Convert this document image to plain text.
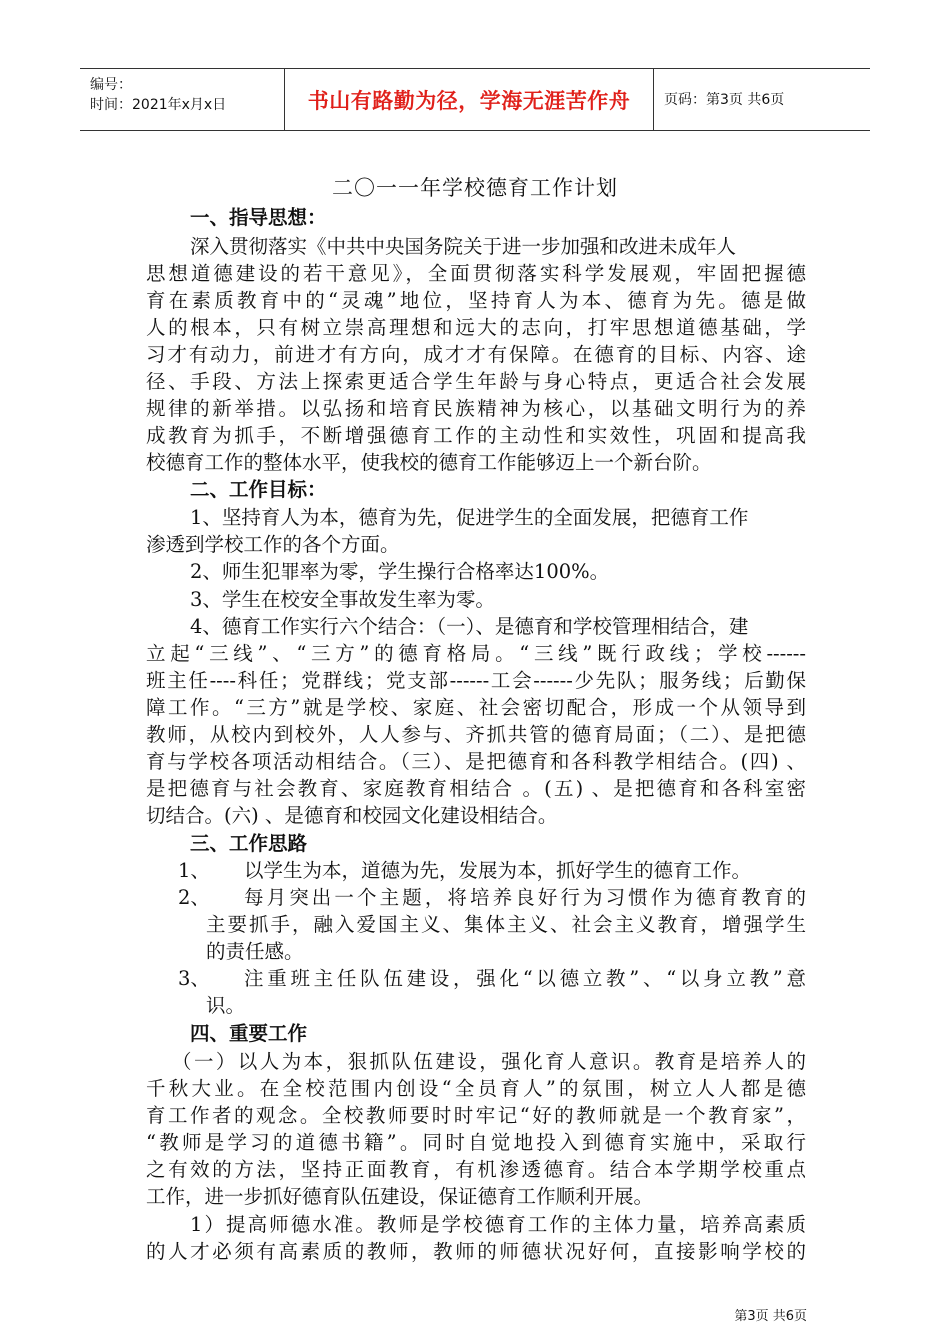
编号：
时间：2021年x月x日	书山有路勤为径，学海无涯苦作舟	页码：第3页 共6页
二〇一一年学校德育工作计划
一、指导思想：
深入贯彻落实《中共中央国务院关于进一步加强和改进未成年人
思想道德建设的若干意见》，全面贯彻落实科学发展观，牢固把握德
育在素质教育中的“灵魂”地位，坚持育人为本、德育为先。德是做
人的根本，只有树立崇高理想和远大的志向，打牢思想道德基础，学
习才有动力，前进才有方向，成才才有保障。在德育的目标、内容、途
径、手段、方法上探索更适合学生年龄与身心特点，更适合社会发展
规律的新举措。以弘扬和培育民族精神为核心，以基础文明行为的养
成教育为抓手，不断增强德育工作的主动性和实效性，巩固和提高我
校德育工作的整体水平，使我校的德育工作能够迈上一个新台阶。
二、工作目标：
1、坚持育人为本，德育为先，促进学生的全面发展，把德育工作
渗透到学校工作的各个方面。
2、师生犯罪率为零，学生操行合格率达100%。
3、学生在校安全事故发生率为零。
4、德育工作实行六个结合：（一）、是德育和学校管理相结合，建
立起“三线”、“三方”的德育格局。“三线”既行政线；学校------
班主任----科任；党群线；党支部------工会------少先队；服务线；后勤保
障工作。“三方”就是学校、家庭、社会密切配合，形成一个从领导到
教师，从校内到校外，人人参与、齐抓共管的德育局面；（二）、是把德
育与学校各项活动相结合。（三）、是把德育和各科教学相结合。(四) 、
是把德育与社会教育、家庭教育相结合 。(五) 、是把德育和各科室密
切结合。(六) 、是德育和校园文化建设相结合。
三、工作思路
1、 以学生为本，道德为先，发展为本，抓好学生的德育工作。
2、 每月突出一个主题，将培养良好行为习惯作为德育教育的
主要抓手，融入爱国主义、集体主义、社会主义教育，增强学生
的责任感。
3、 注重班主任队伍建设，强化“以德立教”、“以身立教”意
识。
四、重要工作
（一）以人为本，狠抓队伍建设，强化育人意识。教育是培养人的
千秋大业。在全校范围内创设“全员育人”的氛围，树立人人都是德
育工作者的观念。全校教师要时时牢记“好的教师就是一个教育家”，
“教师是学习的道德书籍”。同时自觉地投入到德育实施中，采取行
之有效的方法，坚持正面教育，有机渗透德育。结合本学期学校重点
工作，进一步抓好德育队伍建设，保证德育工作顺利开展。
1）提高师德水准。教师是学校德育工作的主体力量，培养高素质
的人才必须有高素质的教师，教师的师德状况好何，直接影响学校的
第3页 共6页
